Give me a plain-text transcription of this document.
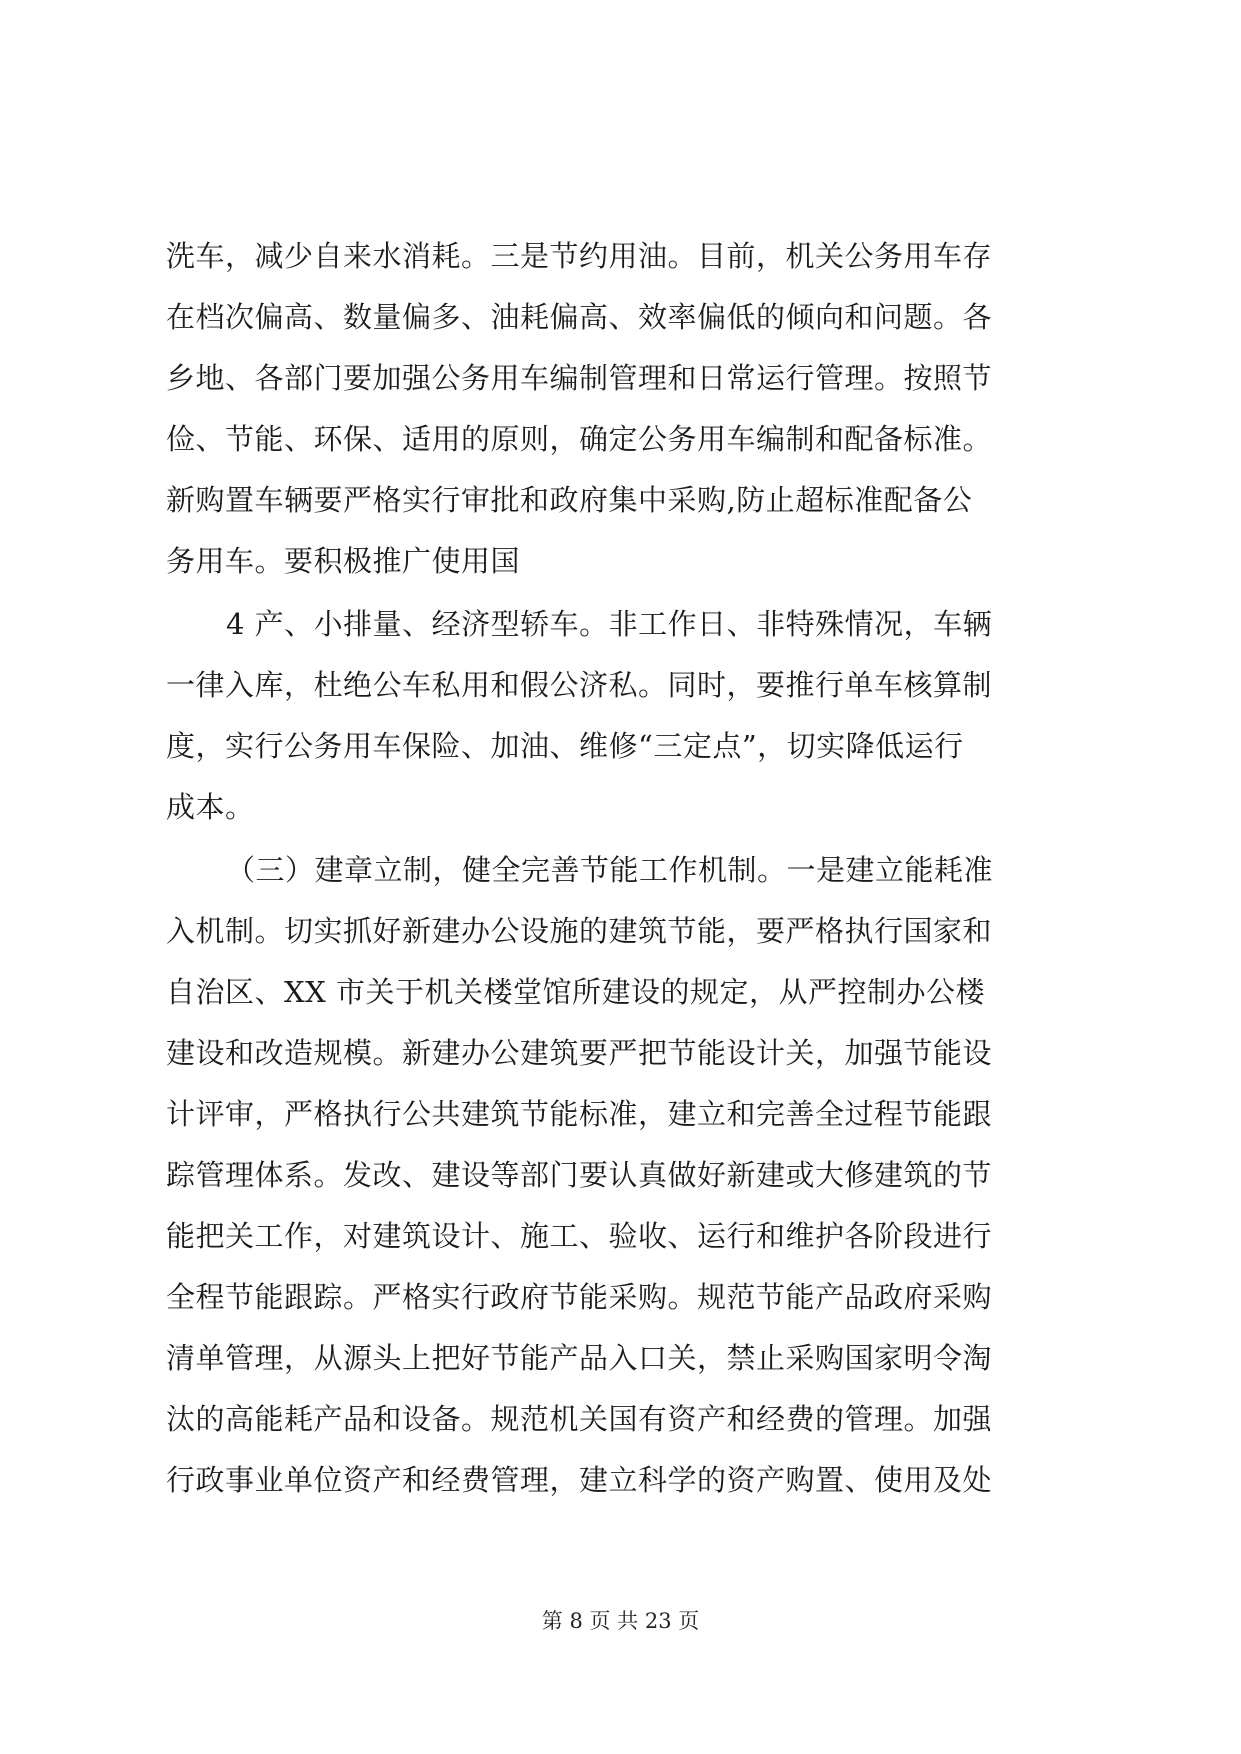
洗车，减少自来水消耗。三是节约用油。目前，机关公务用车存
在档次偏高、数量偏多、油耗偏高、效率偏低的倾向和问题。各
乡地、各部门要加强公务用车编制管理和日常运行管理。按照节
俭、节能、环保、适用的原则，确定公务用车编制和配备标准。
新购置车辆要严格实行审批和政府集中采购,防止超标准配备公
务用车。要积极推广使用国
4 产、小排量、经济型轿车。非工作日、非特殊情况，车辆
一律入库，杜绝公车私用和假公济私。同时，要推行单车核算制
度，实行公务用车保险、加油、维修“三定点”，切实降低运行
成本。
（三）建章立制，健全完善节能工作机制。一是建立能耗准
入机制。切实抓好新建办公设施的建筑节能，要严格执行国家和
自治区、XX 市关于机关楼堂馆所建设的规定，从严控制办公楼
建设和改造规模。新建办公建筑要严把节能设计关，加强节能设
计评审，严格执行公共建筑节能标准，建立和完善全过程节能跟
踪管理体系。发改、建设等部门要认真做好新建或大修建筑的节
能把关工作，对建筑设计、施工、验收、运行和维护各阶段进行
全程节能跟踪。严格实行政府节能采购。规范节能产品政府采购
清单管理，从源头上把好节能产品入口关，禁止采购国家明令淘
汰的高能耗产品和设备。规范机关国有资产和经费的管理。加强
行政事业单位资产和经费管理，建立科学的资产购置、使用及处
第 8 页 共 23 页
